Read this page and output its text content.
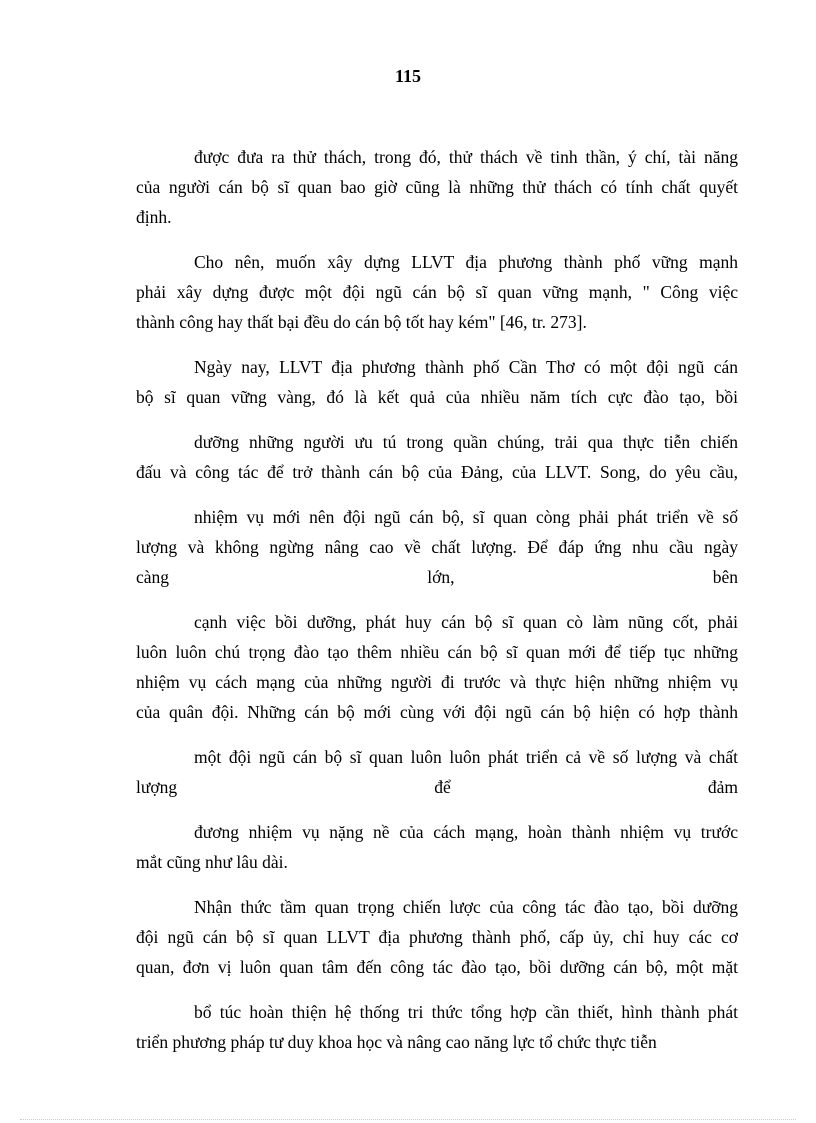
115
được đưa ra thử thách, trong đó, thử thách về tinh thần, ý chí, tài năng
của người cán bộ sĩ quan bao giờ cũng là những thử thách có tính chất quyết
định.
Cho nên, muốn xây dựng LLVT địa phương thành phố vững mạnh
phải xây dựng được một đội ngũ cán bộ sĩ quan vững mạnh, " Công việc
thành công hay thất bại đều do cán bộ tốt hay kém" [46, tr. 273].
Ngày nay, LLVT địa phương thành phố Cần Thơ có một đội ngũ cán
bộ sĩ quan vững vàng, đó là kết quả của nhiều năm tích cực đào tạo, bồi
dưỡng những người ưu tú trong quần chúng, trải qua thực tiễn chiến
đấu và công tác để trở thành cán bộ của Đảng, của LLVT. Song, do yêu cầu,
nhiệm vụ mới nên đội ngũ cán bộ, sĩ quan còng phải phát triển về số
lượng và không ngừng nâng cao về chất lượng. Để đáp ứng nhu cầu ngày
càng lớn, bên
cạnh việc bồi dưỡng, phát huy cán bộ sĩ quan cò làm nũng cốt, phải
luôn luôn chú trọng đào tạo thêm nhiều cán bộ sĩ quan mới để tiếp tục những
nhiệm vụ cách mạng của những người đi trước và thực hiện những nhiệm vụ
của quân đội. Những cán bộ mới cùng với đội ngũ cán bộ hiện có hợp thành
một đội ngũ cán bộ sĩ quan luôn luôn phát triển cả về số lượng và chất
lượng để đảm
đương nhiệm vụ nặng nề của cách mạng, hoàn thành nhiệm vụ trước
mắt cũng như lâu dài.
Nhận thức tầm quan trọng chiến lược của công tác đào tạo, bồi dưỡng
đội ngũ cán bộ sĩ quan LLVT địa phương thành phố, cấp ủy, chỉ huy các cơ
quan, đơn vị luôn quan tâm đến công tác đào tạo, bồi dưỡng cán bộ, một mặt
bổ túc hoàn thiện hệ thống tri thức tổng hợp cần thiết, hình thành phát
triển phương pháp tư duy khoa học và nâng cao năng lực tổ chức thực tiễn
